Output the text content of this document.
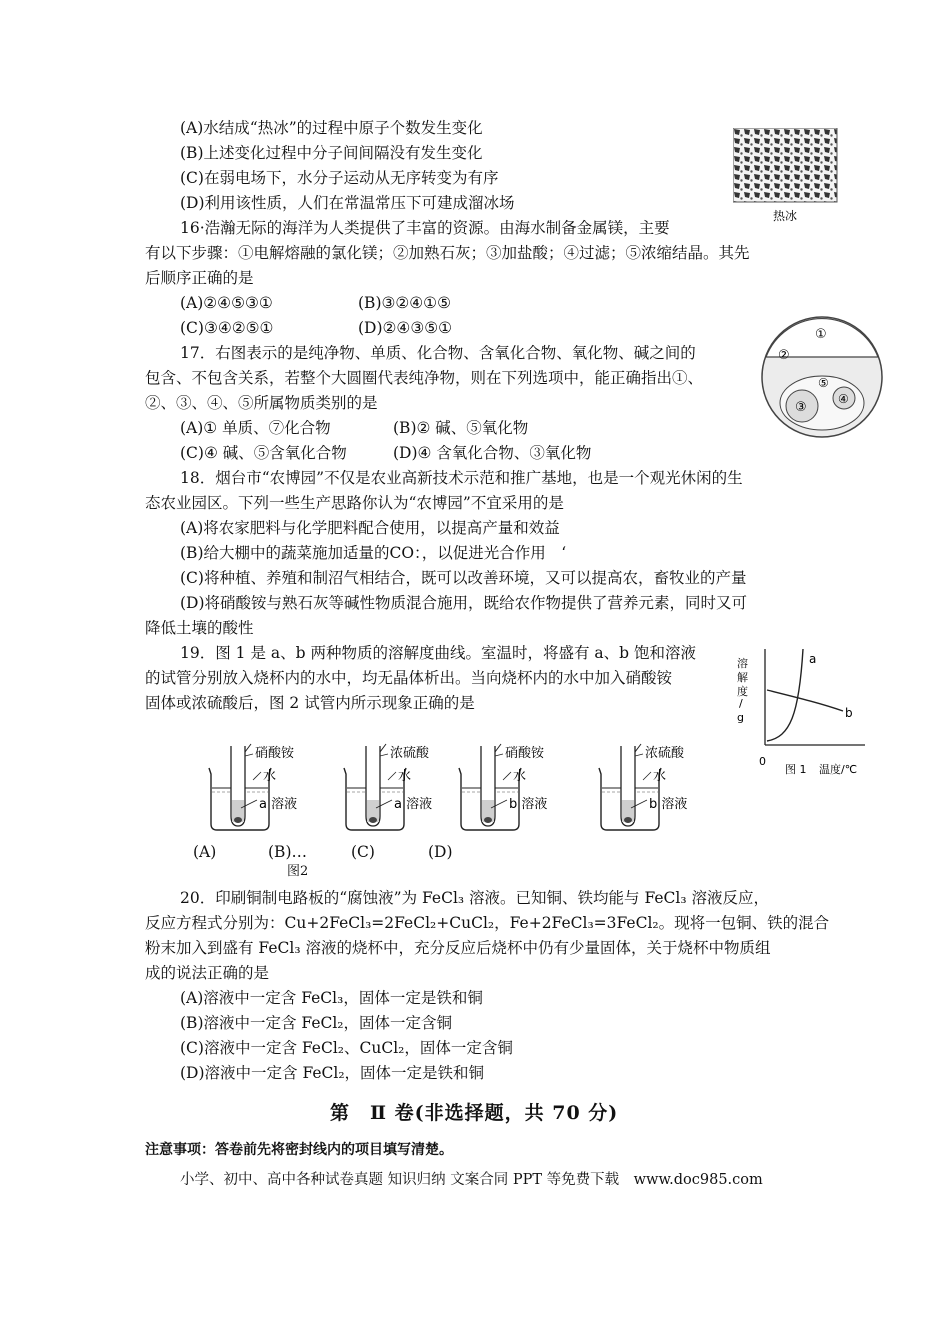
(A)水结成“热冰”的过程中原子个数发生变化
(B)上述变化过程中分子间间隔没有发生变化
(C)在弱电场下，水分子运动从无序转变为有序
(D)利用该性质，人们在常温常压下可建成溜冰场
热冰
16·浩瀚无际的海洋为人类提供了丰富的资源。由海水制备金属镁，主要
有以下步骤：①电解熔融的氯化镁；②加熟石灰；③加盐酸；④过滤；⑤浓缩结晶。其先
后顺序正确的是
(A)②④⑤③①	(B)③②④①⑤
(C)③④②⑤①	(D)②④③⑤①	①
②
③
④
⑤
17．右图表示的是纯净物、单质、化合物、含氧化合物、氧化物、碱之间的
包含、不包含关系，若整个大圆圈代表纯净物，则在下列选项中，能正确指出①、
②、③、④、⑤所属物质类别的是
(A)① 单质、⑦化合物	(B)② 碱、⑤氧化物
(C)④ 碱、⑤含氧化合物	(D)④ 含氧化合物、③氧化物
18．烟台市“农博园”不仅是农业高新技术示范和推广基地，也是一个观光休闲的生
态农业园区。下列一些生产思路你认为“农博园”不宜采用的是
(A)将农家肥料与化学肥料配合使用，以提高产量和效益
(B)给大棚中的蔬菜施加适量的CO：，以促进光合作用　‘
(C)将种植、养殖和制沼气相结合，既可以改善环境，又可以提高农，畜牧业的产量
(D)将硝酸铵与熟石灰等碱性物质混合施用，既给农作物提供了营养元素，同时又可
降低土壤的酸性
19．图 1 是 a、b 两种物质的溶解度曲线。室温时，将盛有 a、b 饱和溶液
的试管分别放入烧杯内的水中，均无晶体析出。当向烧杯内的水中加入硝酸铵
固体或浓硫酸后，图 2 试管内所示现象正确的是
溶
解
度
/
g
a
b
0
图 1 温度/℃
硝酸铵
水
a 溶液
(A)
浓硫酸
水
a 溶液
(B)…
硝酸铵
水
b 溶液
(C)
浓硫酸
水
b 溶液
(D)
图2
20．印刷铜制电路板的“腐蚀液”为 FeCl₃ 溶液。已知铜、铁均能与 FeCl₃ 溶液反应，
反应方程式分别为：Cu+2FeCl₃=2FeCl₂+CuCl₂，Fe+2FeCl₃=3FeCl₂。现将一包铜、铁的混合
粉末加入到盛有 FeCl₃ 溶液的烧杯中，充分反应后烧杯中仍有少量固体，关于烧杯中物质组
成的说法正确的是
(A)溶液中一定含 FeCl₃，固体一定是铁和铜
(B)溶液中一定含 FeCl₂，固体一定含铜
(C)溶液中一定含 FeCl₂、CuCl₂，固体一定含铜
(D)溶液中一定含 FeCl₂，固体一定是铁和铜
第　Ⅱ 卷(非选择题，共 70 分)
注意事项：答卷前先将密封线内的项目填写清楚。
小学、初中、高中各种试卷真题 知识归纳 文案合同 PPT 等免费下载　www.doc985.com
